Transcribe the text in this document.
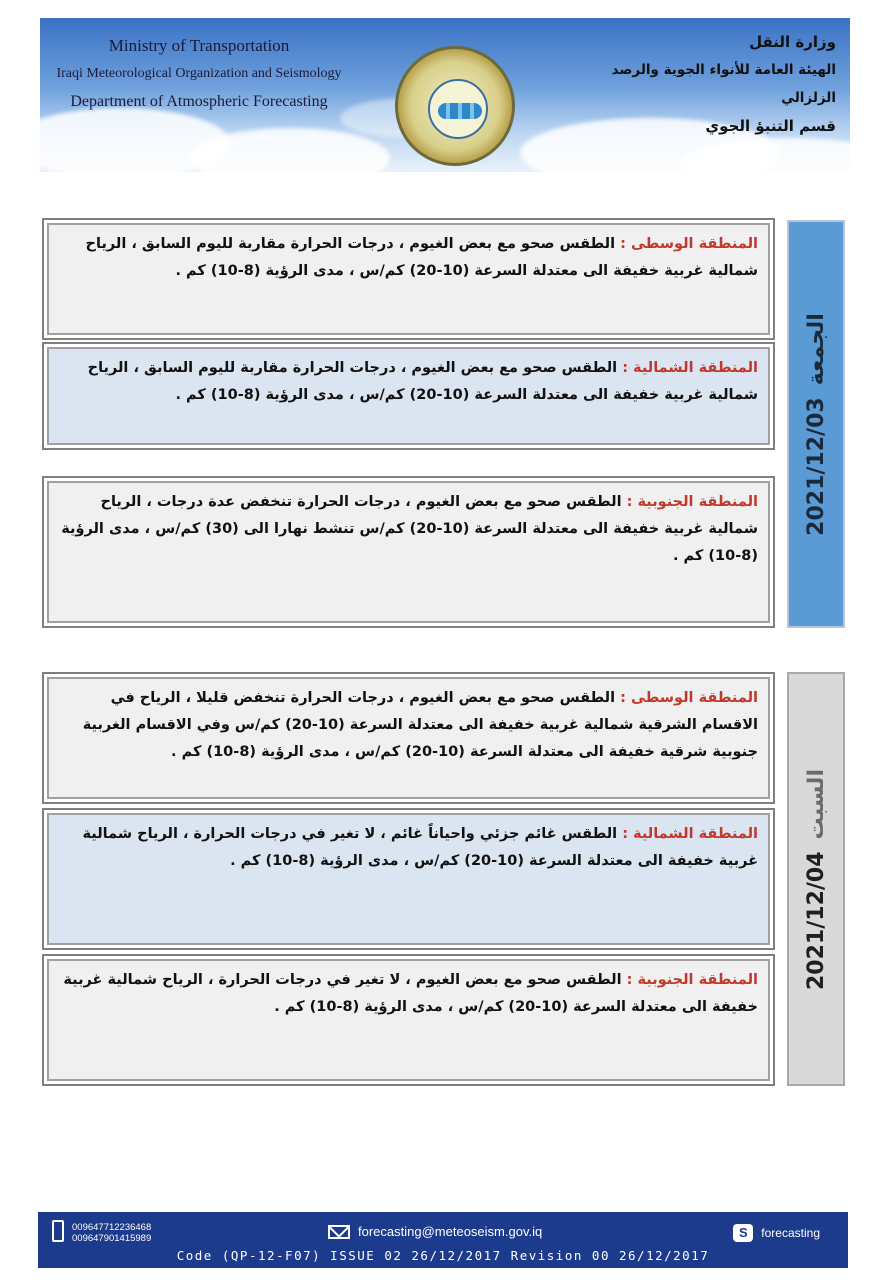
Ministry of Transportation
Iraqi Meteorological Organization and Seismology
Department of Atmospheric Forecasting
وزارة النقل
الهيئة العامة للأنواء الجوية والرصد الزلزالي
قسم التنبؤ الجوي
2021/12/03
الجمعة
المنطقة الوسطى : الطقس صحو مع بعض الغيوم ، درجات الحرارة مقاربة لليوم السابق ، الرياح شمالية غربية خفيفة الى معتدلة السرعة (10-20) كم/س ، مدى الرؤية (8-10) كم .
المنطقة الشمالية : الطقس صحو مع بعض الغيوم ، درجات الحرارة مقاربة لليوم السابق ، الرياح شمالية غربية خفيفة الى معتدلة السرعة (10-20) كم/س ، مدى الرؤية (8-10) كم .
المنطقة الجنوبية : الطقس صحو مع بعض الغيوم ، درجات الحرارة تنخفض عدة درجات ، الرياح شمالية غربية خفيفة الى معتدلة السرعة (10-20) كم/س تنشط نهارا الى (30) كم/س ، مدى الرؤية (8-10) كم .
2021/12/04
السبت
المنطقة الوسطى : الطقس صحو مع بعض الغيوم ، درجات الحرارة تنخفض قليلا ، الرياح في الاقسام الشرقية شمالية غربية خفيفة الى معتدلة السرعة (10-20) كم/س وفي الاقسام الغربية جنوبية شرقية خفيفة الى معتدلة السرعة (10-20) كم/س ، مدى الرؤية (8-10) كم .
المنطقة الشمالية : الطقس غائم جزئي واحياناً غائم ، لا تغير في درجات الحرارة ، الرياح شمالية غربية خفيفة الى معتدلة السرعة (10-20) كم/س ، مدى الرؤية (8-10) كم .
المنطقة الجنوبية : الطقس صحو مع بعض الغيوم ، لا تغير في درجات الحرارة ، الرياح شمالية غربية خفيفة الى معتدلة السرعة (10-20) كم/س ، مدى الرؤية (8-10) كم .
009647712236468
009647901415989	forecasting@meteoseism.gov.iq	S	forecasting
Code (QP-12-F07) ISSUE 02 26/12/2017 Revision 00 26/12/2017
